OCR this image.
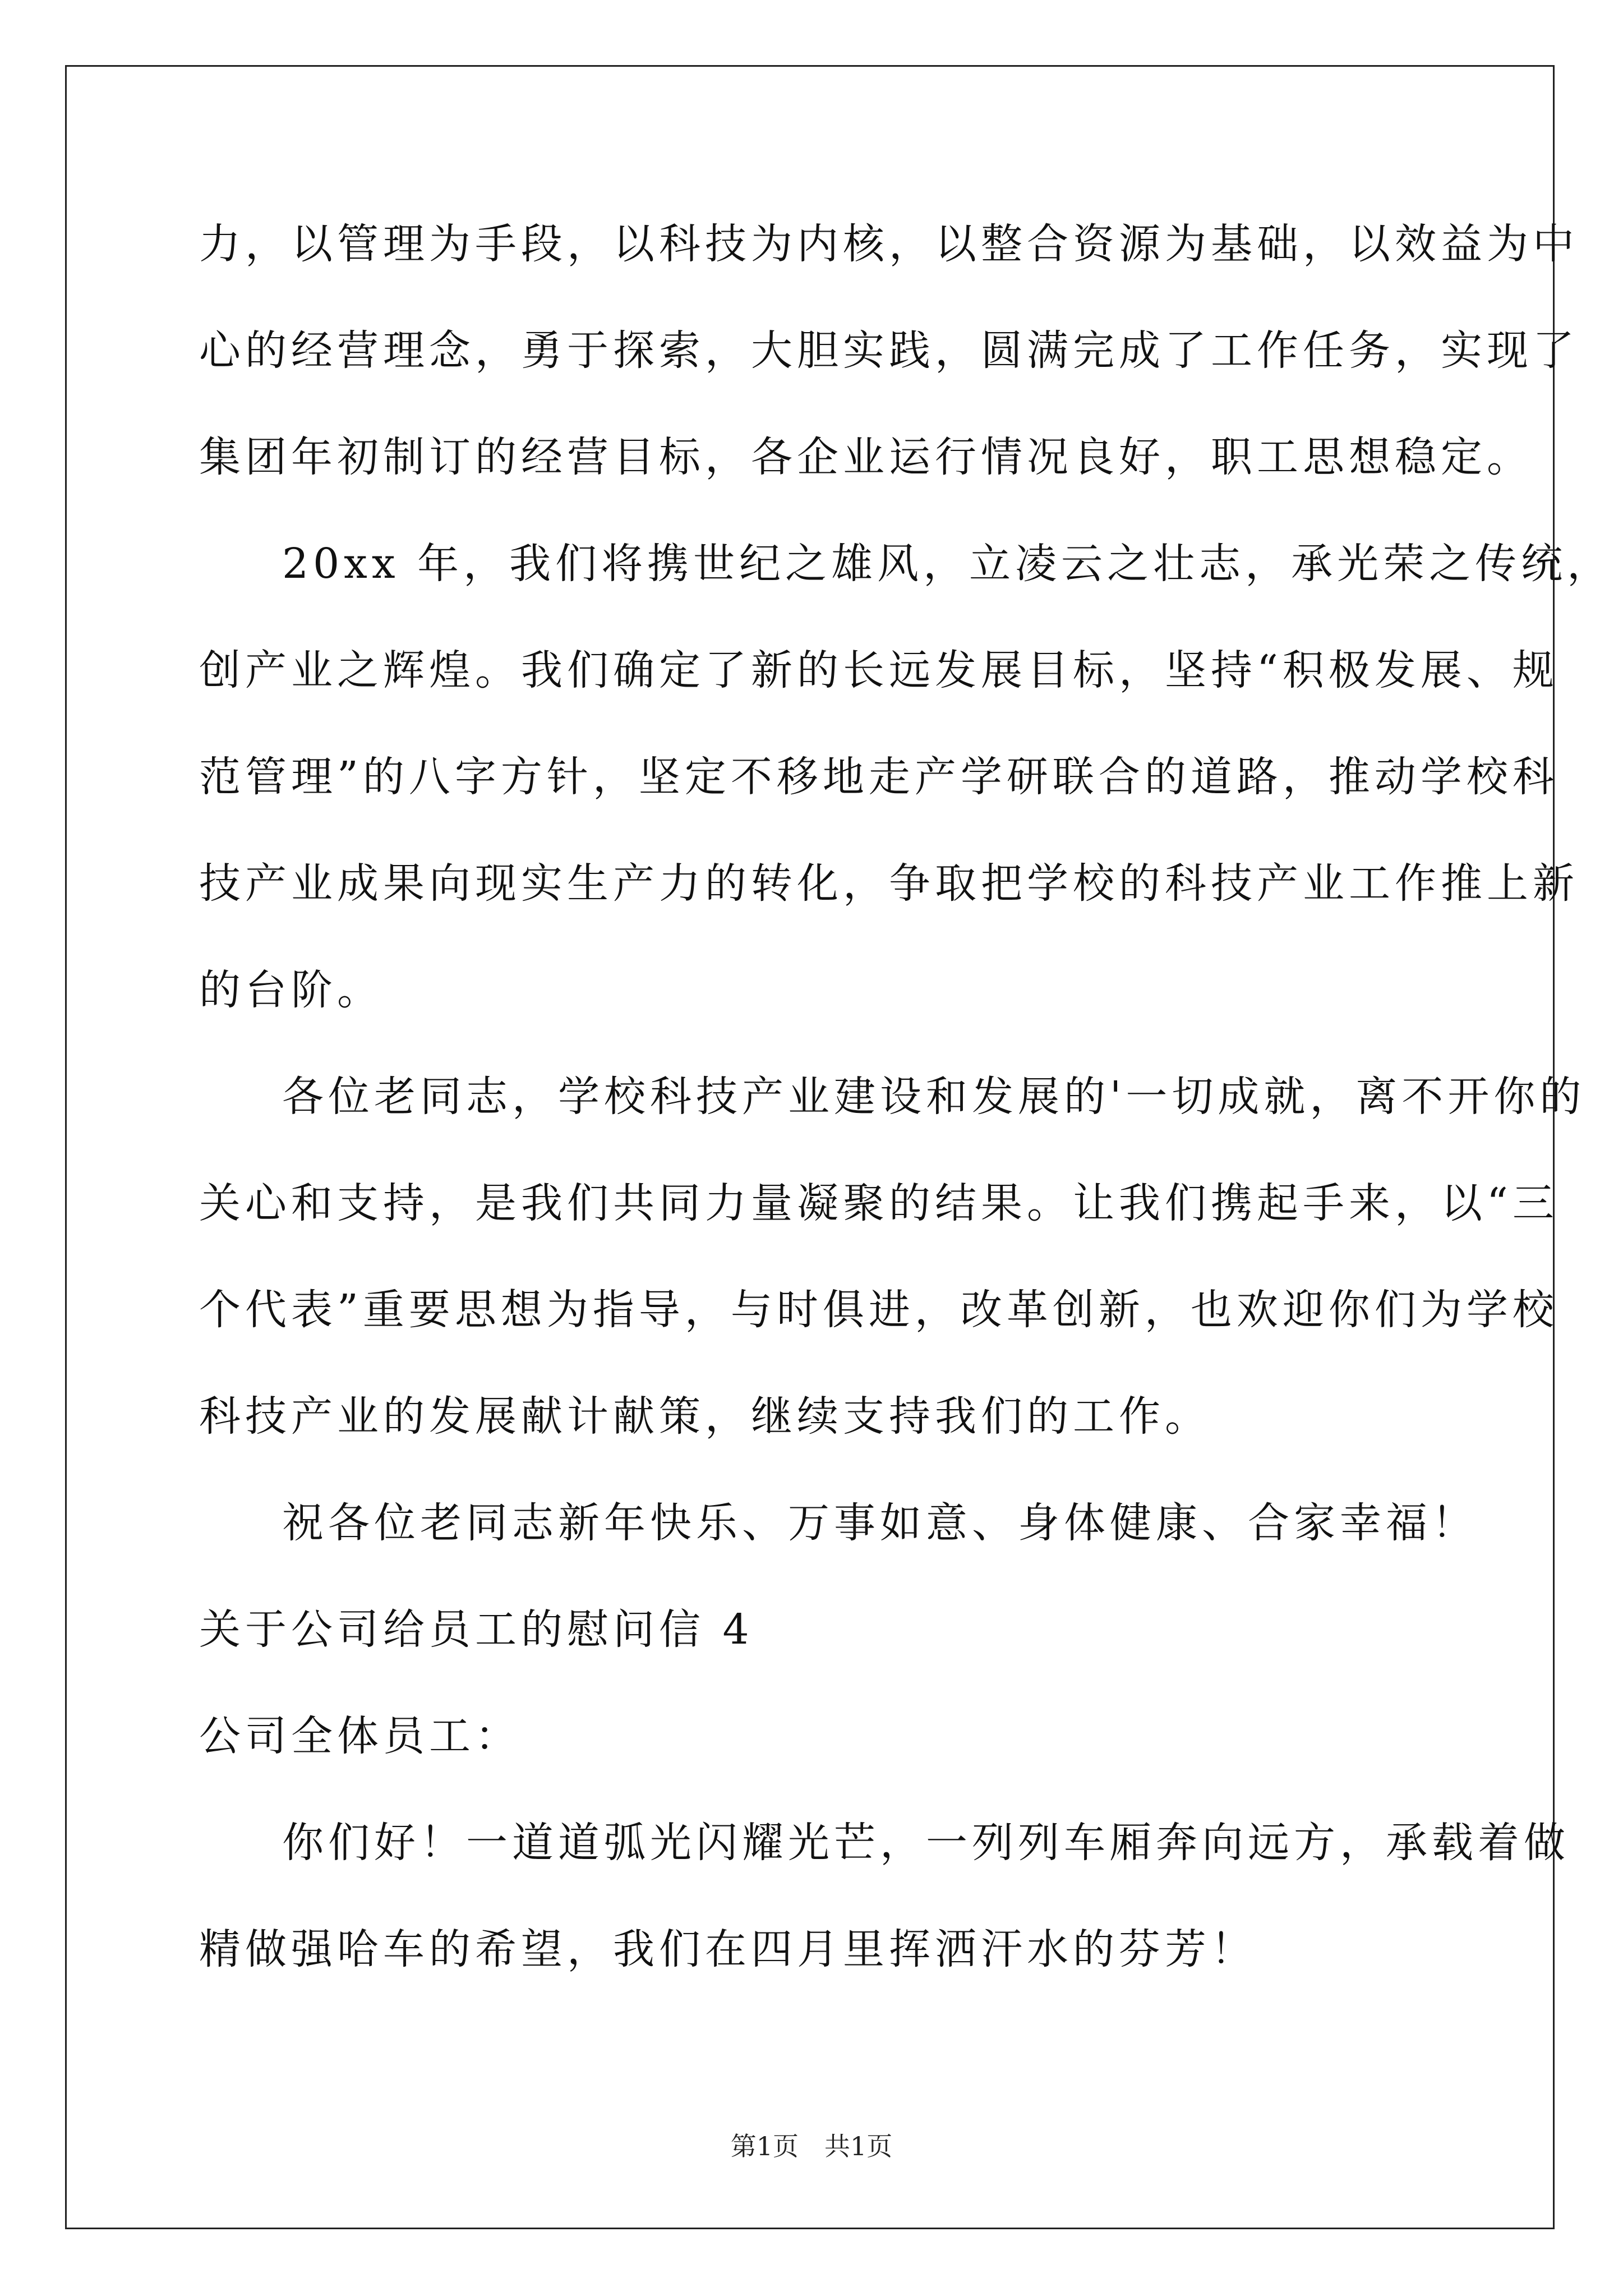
力，以管理为手段，以科技为内核，以整合资源为基础，以效益为中
心的经营理念，勇于探索，大胆实践，圆满完成了工作任务，实现了
集团年初制订的经营目标，各企业运行情况良好，职工思想稳定。
20xx 年，我们将携世纪之雄风，立凌云之壮志，承光荣之传统，
创产业之辉煌。我们确定了新的长远发展目标，坚持“积极发展、规
范管理”的八字方针，坚定不移地走产学研联合的道路，推动学校科
技产业成果向现实生产力的转化，争取把学校的科技产业工作推上新
的台阶。
各位老同志，学校科技产业建设和发展的'一切成就，离不开你的
关心和支持，是我们共同力量凝聚的结果。让我们携起手来，以“三
个代表”重要思想为指导，与时俱进，改革创新，也欢迎你们为学校
科技产业的发展献计献策，继续支持我们的工作。
祝各位老同志新年快乐、万事如意、身体健康、合家幸福！
关于公司给员工的慰问信 4
公司全体员工：
你们好！一道道弧光闪耀光芒，一列列车厢奔向远方，承载着做
精做强哈车的希望，我们在四月里挥洒汗水的芬芳！
第1页 共1页
